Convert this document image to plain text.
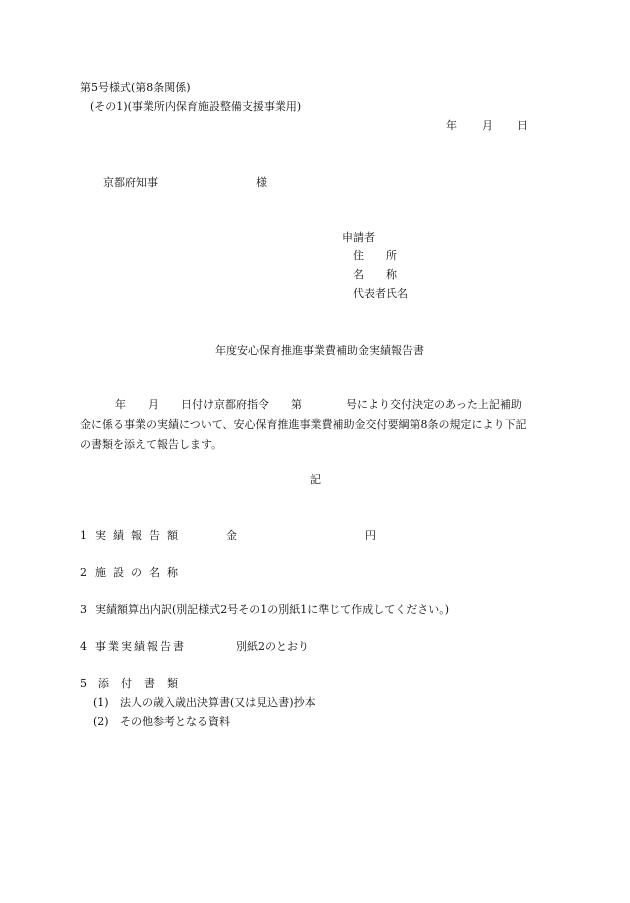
第5号様式(第8条関係)
(その1)(事業所内保育施設整備支援事業用)
年 月 日
京都府知事	様
申請者
住　　所
名　　称
代表者氏名
年度安心保育推進事業費補助金実績報告書
年　　月　　日付け京都府指令　　第　　　　号により交付決定のあった上記補助
金に係る事業の実績について、安心保育推進事業費補助金交付要綱第8条の規定により下記
の書類を添えて報告します。
記
1 実績報告額	金	円
2 施設の名称
3 実績額算出内訳(別記様式2号その1の別紙1に準じて作成してください。)
4 事業実績報告書	別紙2のとおり
5 添付書類
(1) 法人の歳入歳出決算書(又は見込書)抄本
(2) その他参考となる資料
